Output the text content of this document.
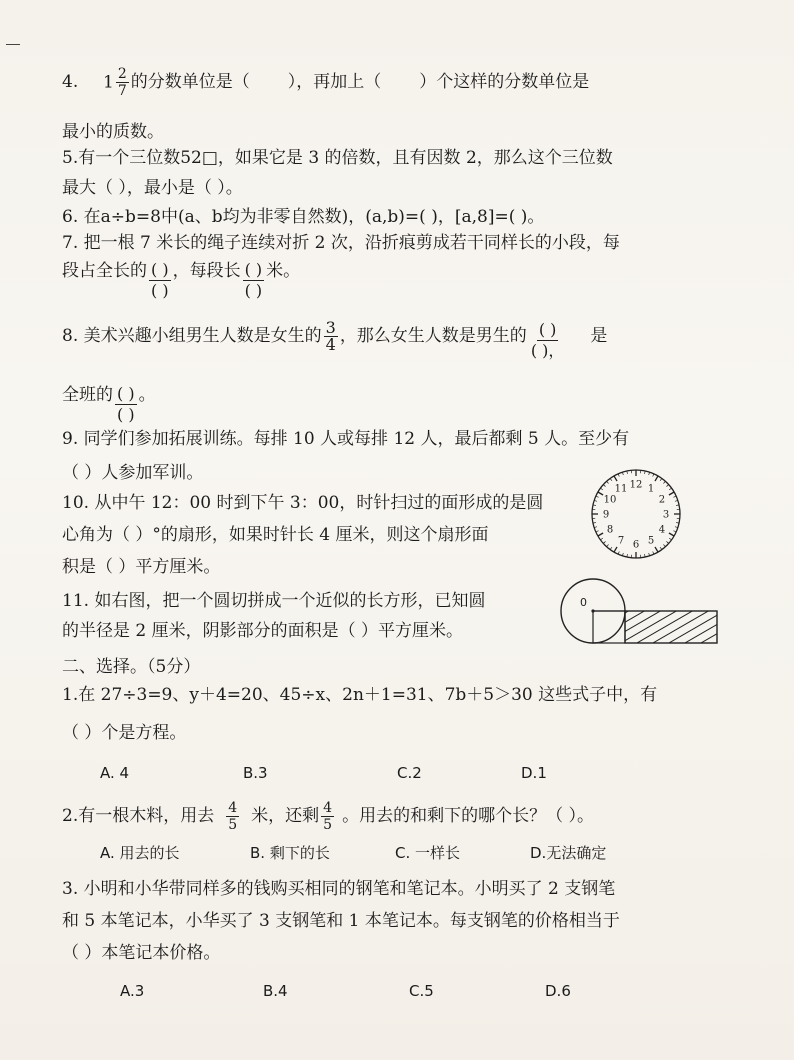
4. $1 \frac{2}{7}$ 的分数单位是（ ），再加上（ ）个这样的分数单位是
最小的质数。
5.有一个三位数52□，如果它是 3 的倍数，且有因数 2，那么这个三位数
最大（ ），最小是（ ）。
6. 在a÷b=8中(a、b均为非零自然数)，(a,b)=( )，[a,8]=( )。
7. 把一根 7 米长的绳子连续对折 2 次，沿折痕剪成若干同样长的小段，每
段占全长的 $\frac{( )}{( )}$ ，每段长 $\frac{( )}{( )}$ 米。
8. 美术兴趣小组男生人数是女生的 $\frac{3}{4}$ ，那么女生人数是男生的 $\frac{( )}{( ),}$ 是
全班的 $\frac{( )}{( )}$ 。
9. 同学们参加拓展训练。每排 10 人或每排 12 人，最后都剩 5 人。至少有
（ ）人参加军训。
10. 从中午 12：00 时到下午 3：00，时针扫过的面形成的是圆
心角为（ ）°的扇形，如果时针长 4 厘米，则这个扇形面
积是（ ）平方厘米。
12 1
2
3
4
5
6
7
8
9
10
11
11. 如右图，把一个圆切拼成一个近似的长方形，已知圆
的半径是 2 厘米，阴影部分的面积是（ ）平方厘米。
0
二、选择。（5分）
1.在 27÷3=9、y＋4=20、45÷x、2n＋1=31、7b＋5＞30 这些式子中，有
（ ）个是方程。
A. 4	B.3	C.2	D.1
2.有一根木料，用去 $\frac{4}{5}$ 米，还剩 $\frac{4}{5}$ 。用去的和剩下的哪个长？（ ）。
A. 用去的长	B. 剩下的长	C. 一样长	D.无法确定
3. 小明和小华带同样多的钱购买相同的钢笔和笔记本。小明买了 2 支钢笔
和 5 本笔记本，小华买了 3 支钢笔和 1 本笔记本。每支钢笔的价格相当于
（ ）本笔记本价格。
A.3	B.4	C.5	D.6
